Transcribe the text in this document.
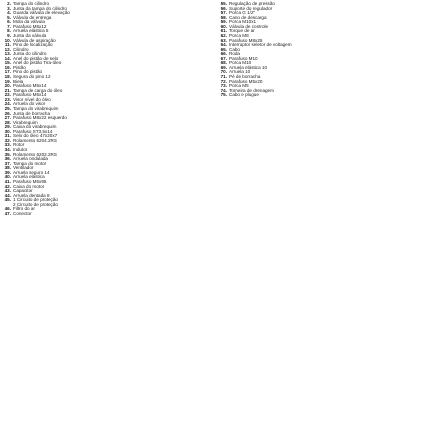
2. Tampa do cilindro
3. Junta da tampa do cilindro
4. Guarda válvula de elevação
5. Válvula de entrega
6. Mola da válvula
7. Parafuso M5x12
8. Arruela elástica 5
9. Junta da válvula
10. Válvula de aspiração
11. Pino de localização
12. Cilindro
13. Junta do cilindro
14. Anel do pistão de selo
15. Anel do pistão Tira-óleo
16. Pistão
17. Pino do pistão
18. Segura do pino 12
19. Biela
20. Parafuso M5x14
21. Tampa de carga do óleo
22. Parafuso M5x14
23. Visor nível do óleo
24. Arruela do visor
25. Tampa do virabrequim
26. Junta de borracha
27. Parafuso M8x22 esquerdo
28. Virabrequim
29. Caixa do virabrequim
30. Parafuso ST3,5x14
31. Selo do óleo 47x20x7
32. Rolamento 6204.2RS
33. Rotor
34. Indutor
35. Rolamento 6202.2RS
36. Arruela ondulada
37. Tampa do motor
38. Ventilador
39. Arruela seguro 14
40. Arruela elástica
41. Parafuso M5x95
42. Caixa do motor
43. Capacitor
44. Arruela dentada 8
45. 1 Circuito de proteção
2 Circuito de proteção
46. Filtro do ar
47. Conector
55. Regulação de pressão
56. Suporte do regulador
57. Porca G 1/2"
58. Cano de descarga
59. Porca M10x1
60. Válvula de controle
61. Torque de ar
62. Porca M8
63. Parafuso M8x25
64. Interruptor seletor de voltagem
65. Cabo
66. Roda
67. Parafuso M10
68. Porca M10
69. Arruela elástica 10
70. Arruela 10
71. Pé de borracha
72. Parafuso M5x20
73. Porca M5
74. Torneira de drenagem
75. Cabo e plugue
